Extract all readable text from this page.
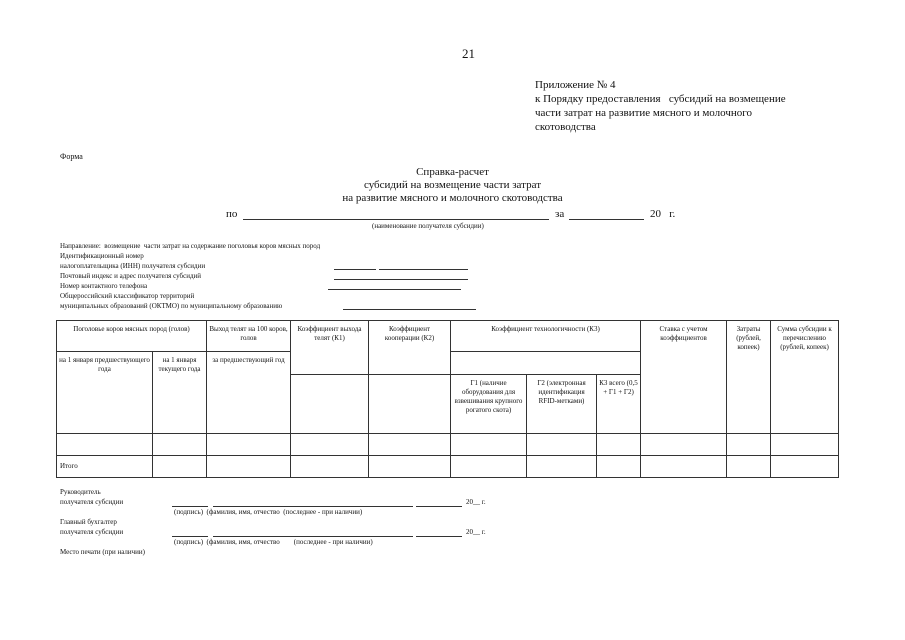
21
Приложение № 4
к Порядку предоставления   субсидий на возмещение
части затрат на развитие мясного и молочного
скотоводства
Форма
Справка-расчет
субсидий на возмещение части затрат
на развитие мясного и молочного скотоводства
по	за	20   г.
(наименование получателя субсидии)
Направление:  возмещение  части затрат на содержание поголовья коров мясных пород
Идентификационный номер
налогоплательщика (ИНН) получателя субсидии
Почтовый индекс и адрес получателя субсидий
Номер контактного телефона
Общероссийский классификатор территорий
муниципальных образований (ОКТМО) по муниципальному образованию
Поголовье коров мясных пород (голов)		Выход телят на 100 коров, голов	Коэффициент выхода телят (К1)	Коэффициент кооперации (К2)	Коэффициент технологичности (К3)			Ставка с учетом коэффициентов	Затраты (рублей, копеек)	Сумма субсидии к перечислению (рублей, копеек)
на 1 января предшествующего года	на 1 января текущего года	за предшествующий год								
					Г1 (наличие оборудования для взвешивания крупного рогатого скота)	Г2 (электронная идентификация RFID-метками)	К3 всего (0,5 + Г1 + Г2)			

Итого										
Руководитель
получателя субсидии	20__ г.
(подпись)  (фамилия, имя, отчество  (последнее - при наличии)
Главный бухгалтер
получателя субсидии	20__ г.
(подпись)  (фамилия, имя, отчество        (последнее - при наличии)
Место печати (при наличии)
